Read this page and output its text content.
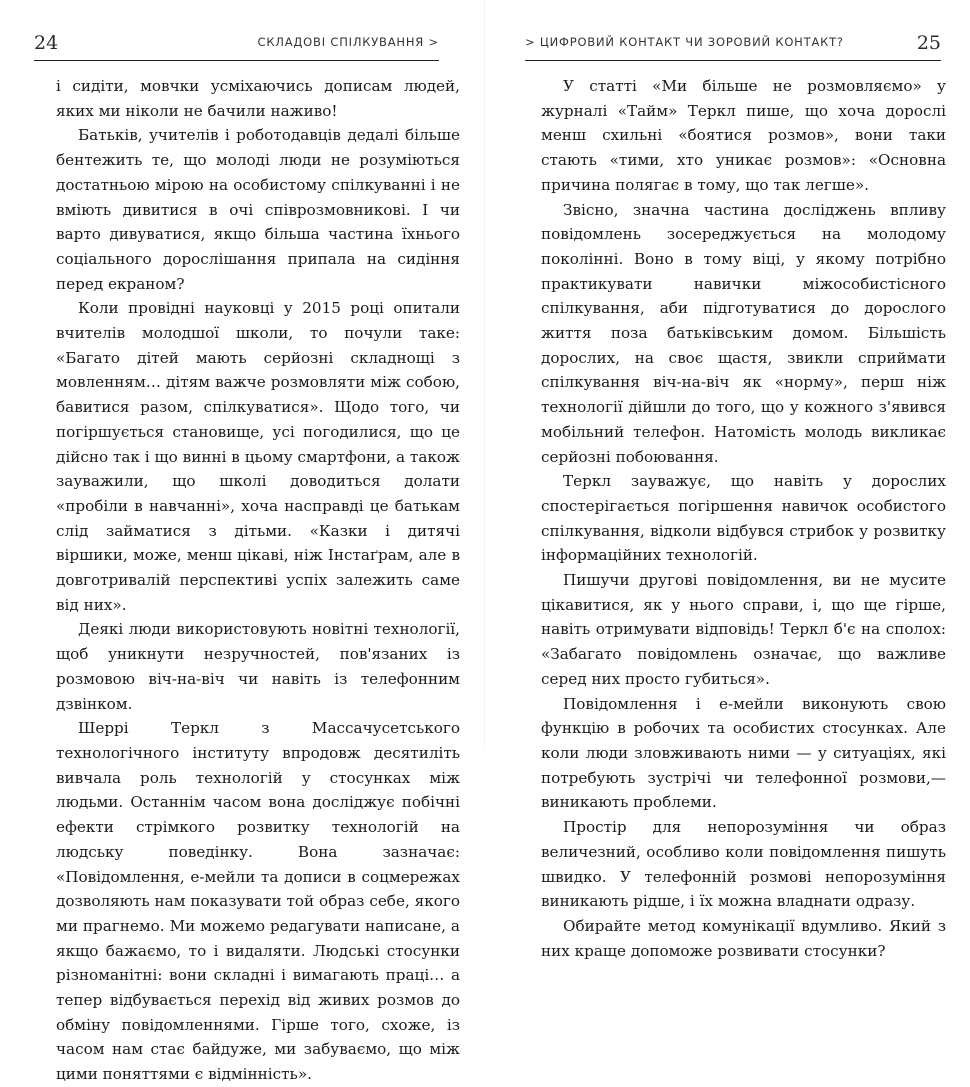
24	СКЛАДОВІ СПІЛКУВАННЯ >

і сидіти, мовчки усміхаючись дописам людей, яких ми ніколи не бачили наживо!

Батьків, учителів і роботодавців дедалі більше бентежить те, що молоді люди не розуміються достатньою мірою на особистому спілкуванні і не вміють дивитися в очі співрозмовникові. І чи варто дивуватися, якщо більша частина їхнього соціального дорослішання припала на сидіння перед екраном?

Коли провідні науковці у 2015 році опитали вчителів молодшої школи, то почули таке: «Багато дітей мають серйозні складнощі з мовленням… дітям важче розмовляти між собою, бавитися разом, спілкуватися». Щодо того, чи погіршується становище, усі погодилися, що це дійсно так і що винні в цьому смартфони, а також зауважили, що школі доводиться долати «пробіли в навчанні», хоча насправді це батькам слід займатися з дітьми. «Казки і дитячі віршики, може, менш цікаві, ніж Інстаґрам, але в довготривалій перспективі успіх залежить саме від них».

Деякі люди використовують новітні технології, щоб уникнути незручностей, пов'язаних із розмовою віч-на-віч чи навіть із телефонним дзвінком.

Шеррі Теркл з Массачусетського технологічного інституту впродовж десятиліть вивчала роль технологій у стосунках між людьми. Останнім часом вона досліджує побічні ефекти стрімкого розвитку технологій на людську поведінку. Вона зазначає: «Повідомлення, е-мейли та дописи в соцмережах дозволяють нам показувати той образ себе, якого ми прагнемо. Ми можемо редагувати написане, а якщо бажаємо, то і видаляти. Людські стосунки різноманітні: вони складні і вимагають праці… а тепер відбувається перехід від живих розмов до обміну повідомленнями. Гірше того, схоже, із часом нам стає байдуже, ми забуваємо, що між цими поняттями є відмінність».

> ЦИФРОВИЙ КОНТАКТ ЧИ ЗОРОВИЙ КОНТАКТ?	25

У статті «Ми більше не розмовляємо» у журналі «Тайм» Теркл пише, що хоча дорослі менш схильні «боятися розмов», вони таки стають «тими, хто уникає розмов»: «Основна причина полягає в тому, що так легше».

Звісно, значна частина досліджень впливу повідомлень зосереджується на молодому поколінні. Воно в тому віці, у якому потрібно практикувати навички міжособистісного спілкування, аби підготуватися до дорослого життя поза батьківським домом. Більшість дорослих, на своє щастя, звикли сприймати спілкування віч-на-віч як «норму», перш ніж технології дійшли до того, що у кожного з'явився мобільний телефон. Натомість молодь викликає серйозні побоювання.

Теркл зауважує, що навіть у дорослих спостерігається погіршення навичок особистого спілкування, відколи відбувся стрибок у розвитку інформаційних технологій.

Пишучи другові повідомлення, ви не мусите цікавитися, як у нього справи, і, що ще гірше, навіть отримувати відповідь! Теркл б'є на сполох: «Забагато повідомлень означає, що важливе серед них просто губиться».

Повідомлення і е-мейли виконують свою функцію в робочих та особистих стосунках. Але коли люди зловживають ними — у ситуаціях, які потребують зустрічі чи телефонної розмови,— виникають проблеми.

Простір для непорозуміння чи образ величезний, особливо коли повідомлення пишуть швидко. У телефонній розмові непорозуміння виникають рідше, і їх можна владнати одразу.

Обирайте метод комунікації вдумливо. Який з них краще допоможе розвивати стосунки?
